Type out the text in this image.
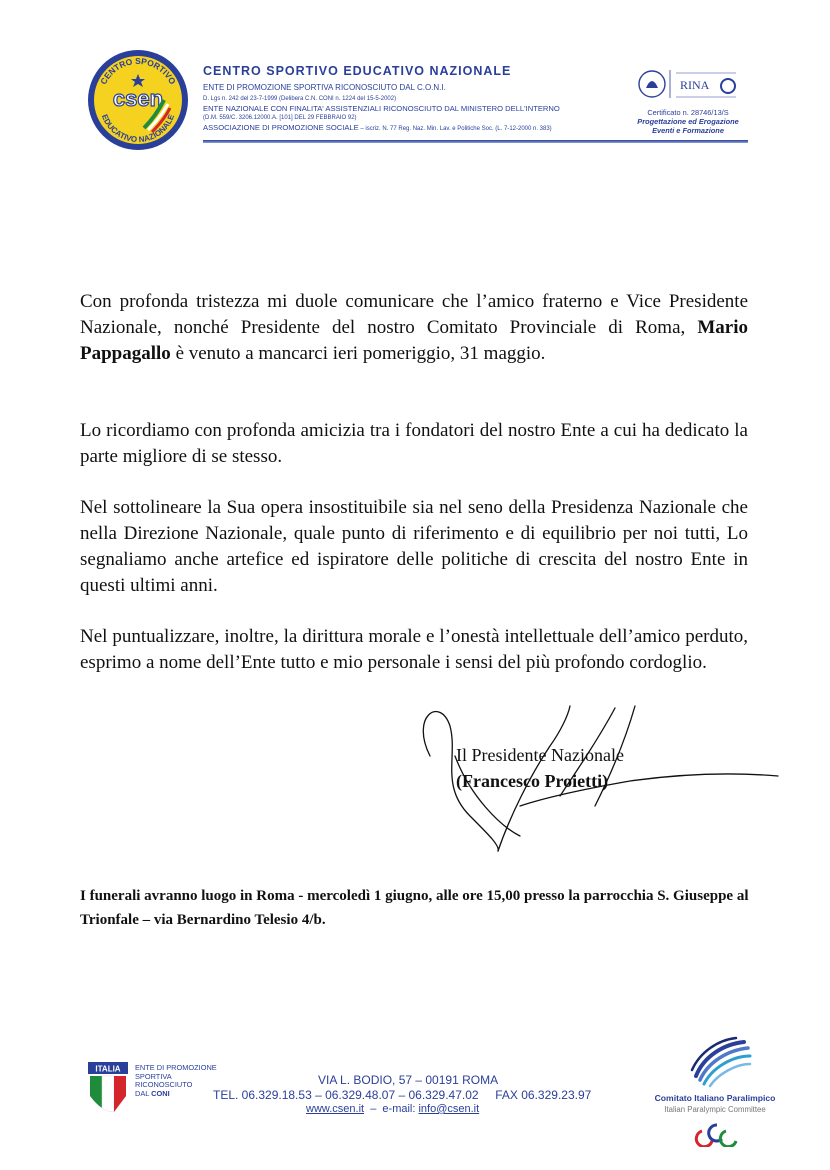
CENTRO SPORTIVO
EDUCATIVO NAZIONALE
csen
CENTRO SPORTIVO EDUCATIVO NAZIONALE
ENTE DI PROMOZIONE SPORTIVA RICONOSCIUTO DAL C.O.N.I.
D. Lgs n. 242 del 23-7-1999 (Delibera C.N. CONI n. 1224 del 15-5-2002)
ENTE NAZIONALE CON FINALITA' ASSISTENZIALI RICONOSCIUTO DAL MINISTERO DELL'INTERNO
(D.M. 559/C. 3206.12000.A. [101] DEL 29 FEBBRAIO 92)
ASSOCIAZIONE DI PROMOZIONE SOCIALE – iscriz. N. 77 Reg. Naz. Min. Lav. e Politiche Soc. (L. 7-12-2000 n. 383)
RINA
Certificato n. 28746/13/S
Progettazione ed Erogazione
Eventi e Formazione
Con profonda tristezza mi duole comunicare che l’amico fraterno e Vice Presidente Nazionale, nonché Presidente del nostro Comitato Provinciale di Roma, Mario Pappagallo è venuto a mancarci ieri pomeriggio, 31 maggio.
Lo ricordiamo con profonda amicizia tra i fondatori del nostro Ente a cui ha dedicato la parte migliore di se stesso.
Nel sottolineare la Sua opera insostituibile sia nel seno della Presidenza Nazionale che nella Direzione Nazionale, quale punto di riferimento e di equilibrio per noi tutti, Lo segnaliamo anche artefice ed ispiratore delle politiche di crescita del nostro Ente in questi ultimi anni.
Nel puntualizzare, inoltre, la dirittura morale e l’onestà intellettuale dell’amico perduto, esprimo a nome dell’Ente tutto e mio personale i sensi del più profondo cordoglio.
Il Presidente Nazionale
(Francesco Proietti)
I funerali avranno luogo in Roma - mercoledì 1 giugno, alle ore 15,00 presso la parrocchia S. Giuseppe al Trionfale – via Bernardino Telesio 4/b.
ITALIA ENTE DI PROMOZIONE
SPORTIVA
RICONOSCIUTO
DAL CONI
VIA L. BODIO, 57 – 00191 ROMA
TEL. 06.329.18.53 – 06.329.48.07 – 06.329.47.02     FAX 06.329.23.97
www.csen.it  –  e-mail: info@csen.it
Comitato Italiano Paralimpico
Italian Paralympic Committee
